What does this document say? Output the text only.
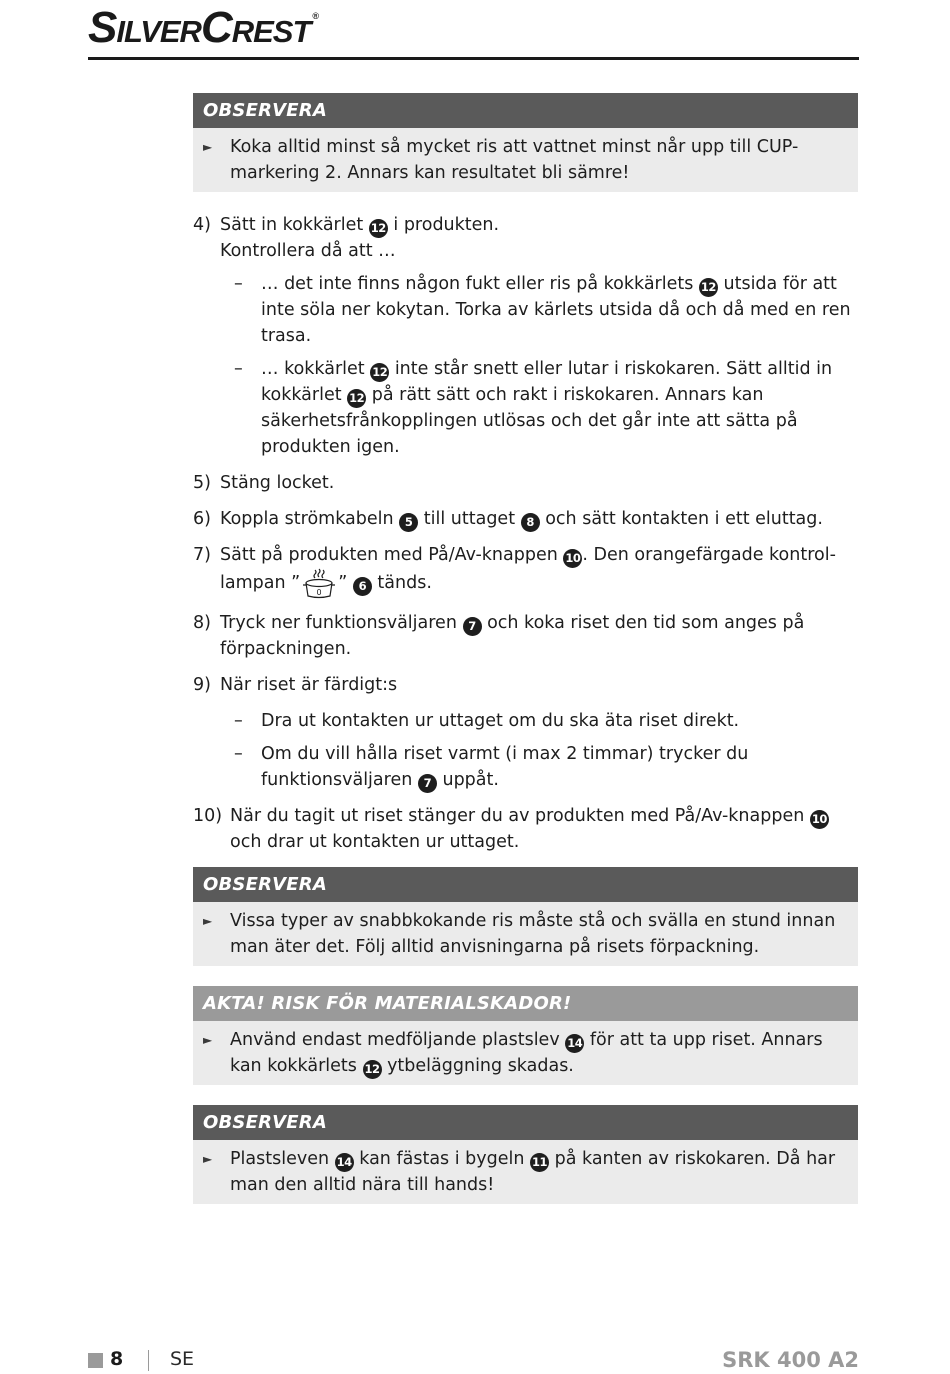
SILVERCREST ®
OBSERVERA
►	Koka alltid minst så mycket ris att vattnet minst når upp till CUP-markering 2. Annars kan resultatet bli sämre!
4) Sätt in kokkärlet 12 i produkten.
Kontrollera då att …
–	… det inte finns någon fukt eller ris på kokkärlets 12 utsida för att inte söla ner kokytan. Torka av kärlets utsida då och då med en ren trasa.
–	… kokkärlet 12 inte står snett eller lutar i riskokaren. Sätt alltid in kokkärlet 12 på rätt sätt och rakt i riskokaren. Annars kan säkerhetsfrånkopplingen utlösas och det går inte att sätta på produkten igen.
5) Stäng locket.
6) Koppla strömkabeln 5 till uttaget 8 och sätt kontakten i ett eluttag.
7) Sätt på produkten med På/Av-knappen 10 . Den orangefärgade kontrollampan ” 0 ” 6 tänds.
8) Tryck ner funktionsväljaren 7 och koka riset den tid som anges på förpackningen.
9) När riset är färdigt:s
–	Dra ut kontakten ur uttaget om du ska äta riset direkt.
–	Om du vill hålla riset varmt (i max 2 timmar) trycker du funktionsväljaren 7 uppåt.
10) När du tagit ut riset stänger du av produkten med På/Av-knappen 10 och drar ut kontakten ur uttaget.
OBSERVERA
►	Vissa typer av snabbkokande ris måste stå och svälla en stund innan man äter det. Följ alltid anvisningarna på risets förpackning.
AKTA! RISK FÖR MATERIALSKADOR!
►	Använd endast medföljande plastslev 14 för att ta upp riset. Annars kan kokkärlets 12 ytbeläggning skadas.
OBSERVERA
►	Plastsleven 14 kan fästas i bygeln 11 på kanten av riskokaren. Då har man den alltid nära till hands!
8 SE	SRK 400 A2
